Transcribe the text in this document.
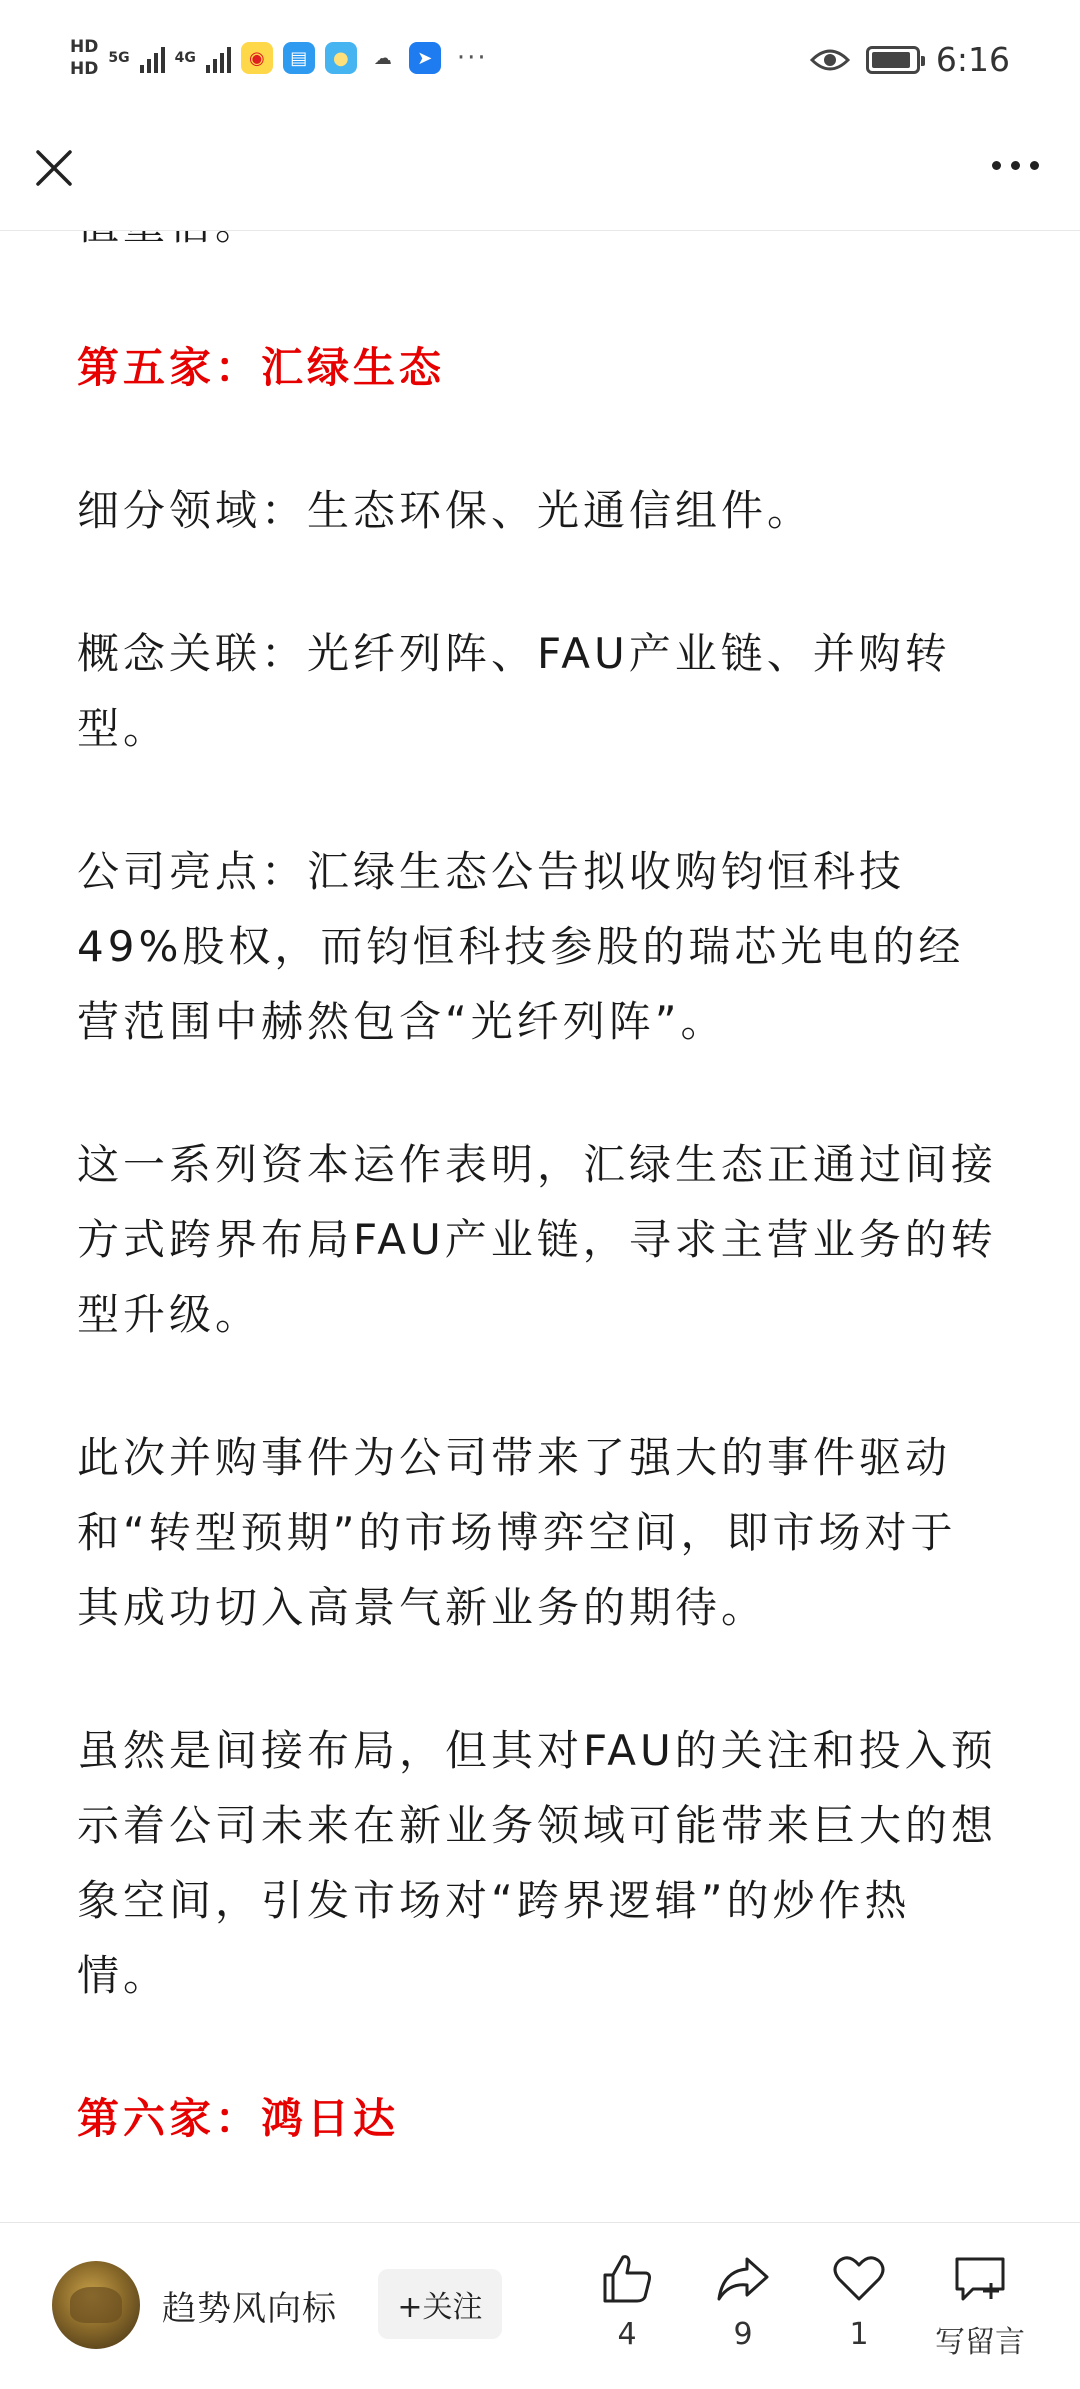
HD
HD
5G	4G	◉	▤	●	☁	➤ ···	6:16

第五家：汇绿生态

细分领域：生态环保、光通信组件。

概念关联：光纤列阵、FAU产业链、并购转型。

公司亮点：汇绿生态公告拟收购钧恒科技49%股权，而钧恒科技参股的瑞芯光电的经营范围中赫然包含“光纤列阵”。

这一系列资本运作表明，汇绿生态正通过间接方式跨界布局FAU产业链，寻求主营业务的转型升级。

此次并购事件为公司带来了强大的事件驱动和“转型预期”的市场博弈空间，即市场对于其成功切入高景气新业务的期待。

虽然是间接布局，但其对FAU的关注和投入预示着公司未来在新业务领域可能带来巨大的想象空间，引发市场对“跨界逻辑”的炒作热情。

第六家：鸿日达

趋势风向标	+关注
4	9	1	写留言
